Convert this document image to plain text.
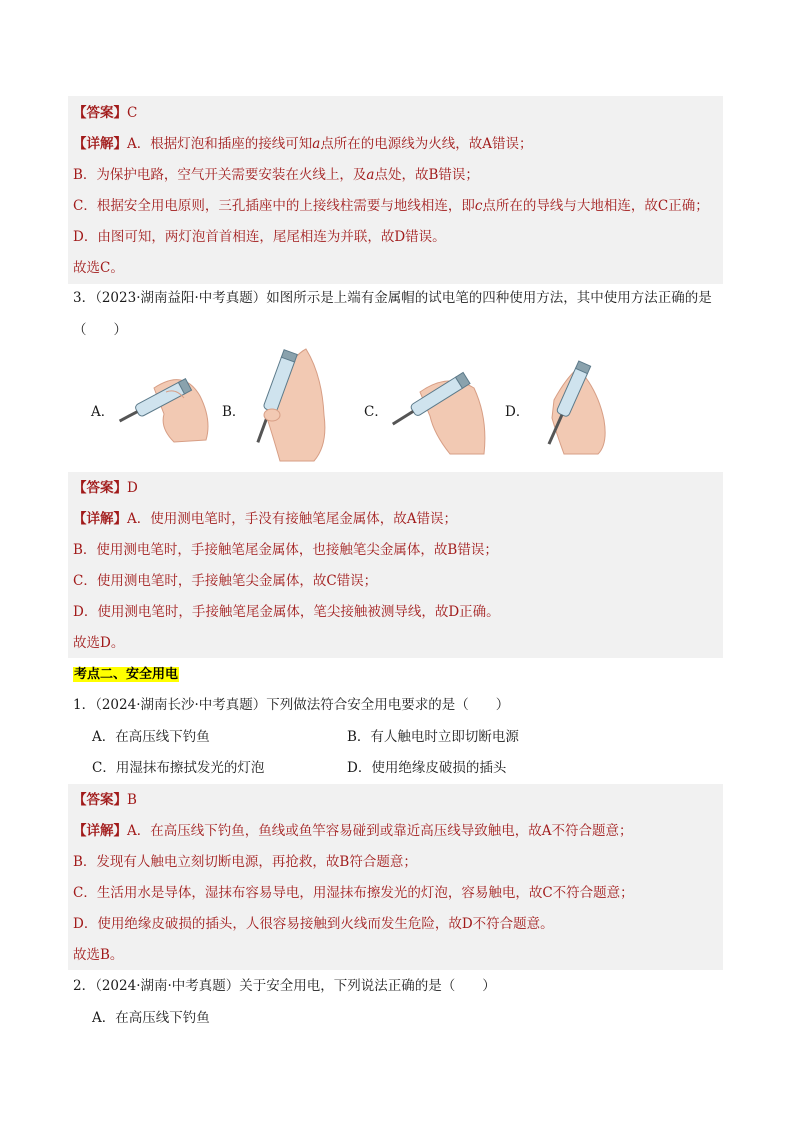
【答案】C
【详解】A．根据灯泡和插座的接线可知a点所在的电源线为火线，故A错误；
B．为保护电路，空气开关需要安装在火线上，及a点处，故B错误；
C．根据安全用电原则，三孔插座中的上接线柱需要与地线相连，即c点所在的导线与大地相连，故C正确；
D．由图可知，两灯泡首首相连，尾尾相连为并联，故D错误。
故选C。
3．（2023·湖南益阳·中考真题）如图所示是上端有金属帽的试电笔的四种使用方法，其中使用方法正确的是
（　　）
A．	B．	C．	D．
【答案】D
【详解】A．使用测电笔时，手没有接触笔尾金属体，故A错误；
B．使用测电笔时，手接触笔尾金属体，也接触笔尖金属体，故B错误；
C．使用测电笔时，手接触笔尖金属体，故C错误；
D．使用测电笔时，手接触笔尾金属体，笔尖接触被测导线，故D正确。
故选D。
考点二、安全用电
1．（2024·湖南长沙·中考真题）下列做法符合安全用电要求的是（　　）
A．在高压线下钓鱼	B．有人触电时立即切断电源
C．用湿抹布擦拭发光的灯泡	D．使用绝缘皮破损的插头
【答案】B
【详解】A．在高压线下钓鱼，鱼线或鱼竿容易碰到或靠近高压线导致触电，故A不符合题意；
B．发现有人触电立刻切断电源，再抢救，故B符合题意；
C．生活用水是导体，湿抹布容易导电，用湿抹布擦发光的灯泡，容易触电，故C不符合题意；
D．使用绝缘皮破损的插头，人很容易接触到火线而发生危险，故D不符合题意。
故选B。
2．（2024·湖南·中考真题）关于安全用电，下列说法正确的是（　　）
A．在高压线下钓鱼
